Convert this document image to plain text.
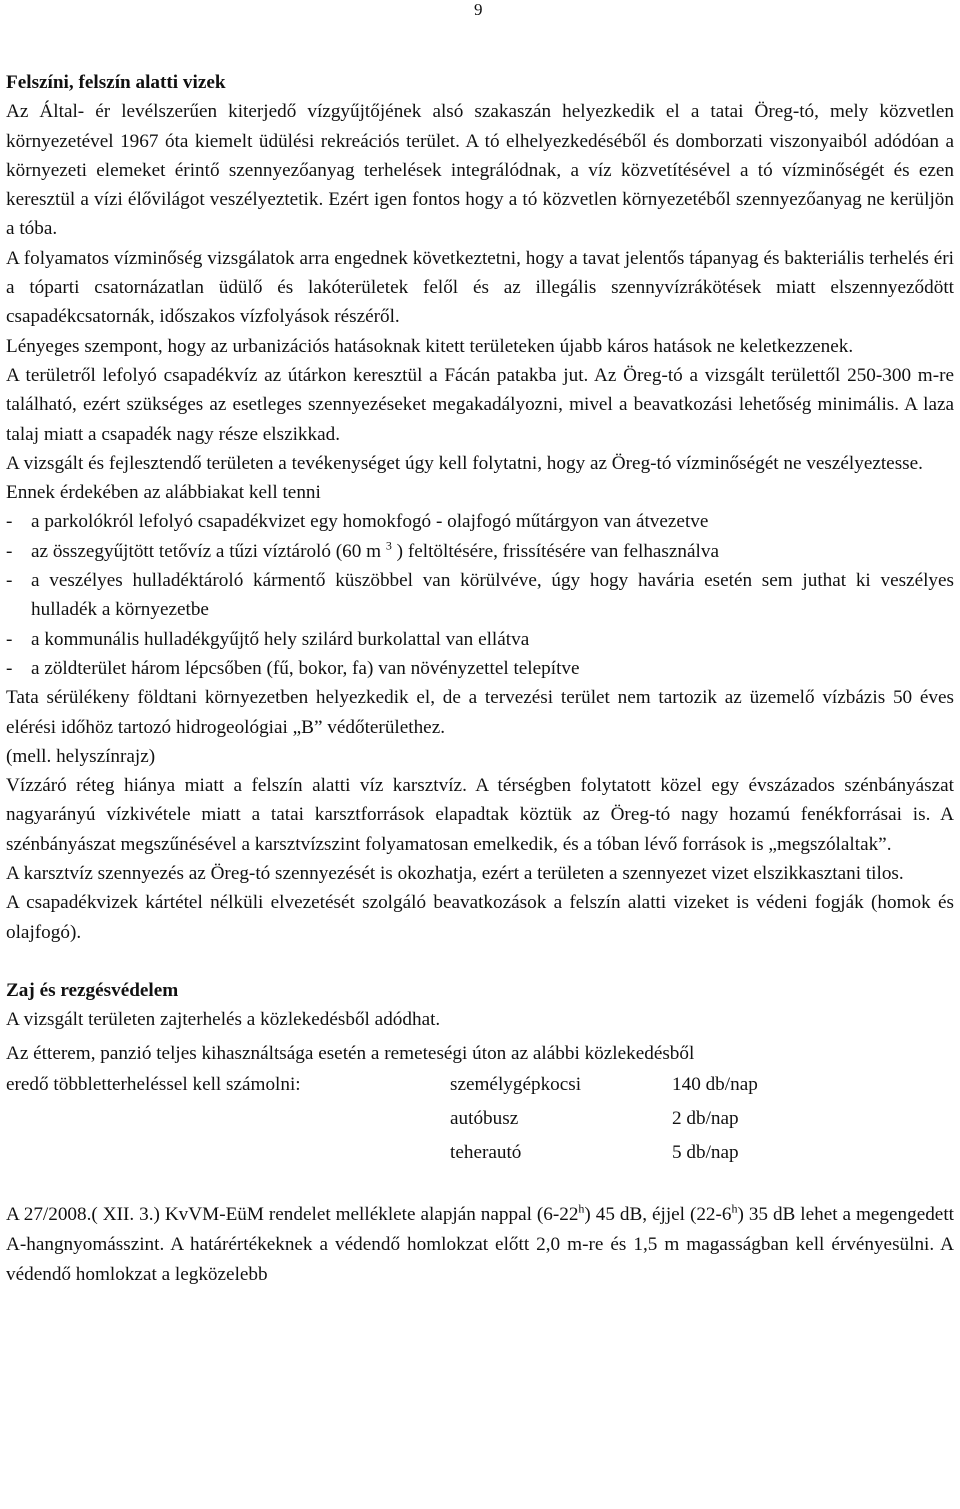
9
Felszíni, felszín alatti vizek
Az Által- ér levélszerűen kiterjedő vízgyűjtőjének alsó szakaszán helyezkedik el a tatai Öreg-tó, mely közvetlen környezetével 1967 óta kiemelt üdülési rekreációs terület. A tó elhelyezkedéséből és domborzati viszonyaiból adódóan a környezeti elemeket érintő szennyezőanyag terhelések integrálódnak, a víz közvetítésével a tó vízminőségét és ezen keresztül a vízi élővilágot veszélyeztetik. Ezért igen fontos hogy a tó közvetlen környezetéből szennyezőanyag ne kerüljön a tóba.
A folyamatos vízminőség vizsgálatok arra engednek következtetni, hogy a tavat jelentős tápanyag és bakteriális terhelés éri a tóparti csatornázatlan üdülő és lakóterületek felől és az illegális szennyvízrákötések miatt elszennyeződött csapadékcsatornák, időszakos vízfolyások részéről.
Lényeges szempont, hogy az urbanizációs hatásoknak kitett területeken újabb káros hatások ne keletkezzenek.
A területről lefolyó csapadékvíz az útárkon keresztül a Fácán patakba jut. Az Öreg-tó a vizsgált területtől 250-300 m-re található, ezért szükséges az esetleges szennyezéseket megakadályozni, mivel a beavatkozási lehetőség minimális. A laza talaj miatt a csapadék nagy része elszikkad.
A vizsgált és fejlesztendő területen a tevékenységet úgy kell folytatni, hogy az Öreg-tó vízminőségét ne veszélyeztesse.
Ennek érdekében az alábbiakat kell tenni
- a parkolókról lefolyó csapadékvizet egy homokfogó - olajfogó műtárgyon van átvezetve
- az összegyűjtött tetővíz a tűzi víztároló (60 m $^3$ ) feltöltésére, frissítésére van felhasználva
- a veszélyes hulladéktároló kármentő küszöbbel van körülvéve, úgy hogy havária esetén sem juthat ki veszélyes hulladék a környezetbe
- a kommunális hulladékgyűjtő hely szilárd burkolattal van ellátva
- a zöldterület három lépcsőben (fű, bokor, fa) van növényzettel telepítve
Tata sérülékeny földtani környezetben helyezkedik el, de a tervezési terület nem tartozik az üzemelő vízbázis 50 éves elérési időhöz tartozó hidrogeológiai „B” védőterülethez.
(mell. helyszínrajz)
Vízzáró réteg hiánya miatt a felszín alatti víz karsztvíz. A térségben folytatott közel egy évszázados szénbányászat nagyarányú vízkivétele miatt a tatai karsztforrások elapadtak köztük az Öreg-tó nagy hozamú fenékforrásai is. A szénbányászat megszűnésével a karsztvízszint folyamatosan emelkedik, és a tóban lévő források is „megszólaltak”.
A karsztvíz szennyezés az Öreg-tó szennyezését is okozhatja, ezért a területen a szennyezet vizet elszikkasztani tilos.
A csapadékvizek kártétel nélküli elvezetését szolgáló beavatkozások a felszín alatti vizeket is védeni fogják (homok és olajfogó).
Zaj és rezgésvédelem
A vizsgált területen zajterhelés a közlekedésből adódhat.
Az étterem, panzió teljes kihasználtsága esetén a remeteségi úton az alábbi közlekedésből
eredő többletterheléssel kell számolni:	személygépkocsi	140 db/nap
autóbusz	2 db/nap
teherautó	5 db/nap
A 27/2008.( XII. 3.) KvVM-EüM rendelet melléklete alapján nappal (6-22$^h$) 45 dB, éjjel (22-6$^h$) 35 dB lehet a megengedett A-hangnyomásszint. A határértékeknek a védendő homlokzat előtt 2,0 m-re és 1,5 m magasságban kell érvényesülni. A védendő homlokzat a legközelebb
